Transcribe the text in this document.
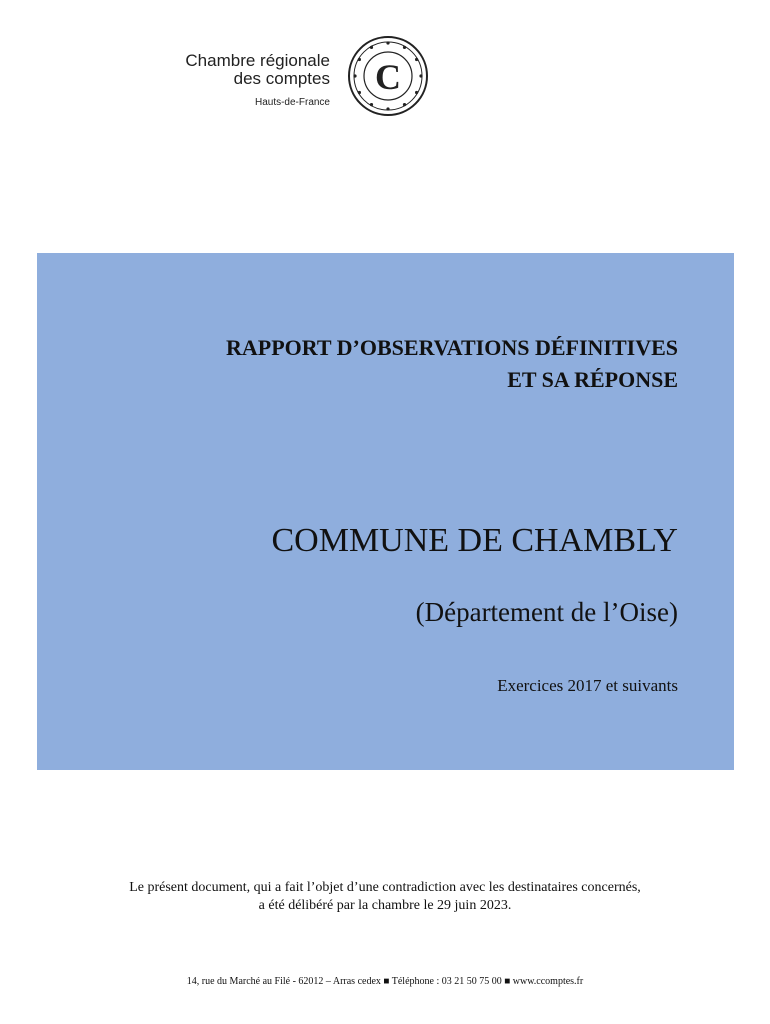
Chambre régionale
des comptes
Hauts-de-France
C
RAPPORT D’OBSERVATIONS DÉFINITIVES
ET SA RÉPONSE
COMMUNE DE CHAMBLY
(Département de l’Oise)
Exercices 2017 et suivants
Le présent document, qui a fait l’objet d’une contradiction avec les destinataires concernés,
a été délibéré par la chambre le 29 juin 2023.
14, rue du Marché au Filé - 62012 – Arras cedex ■ Téléphone : 03 21 50 75 00 ■ www.ccomptes.fr
